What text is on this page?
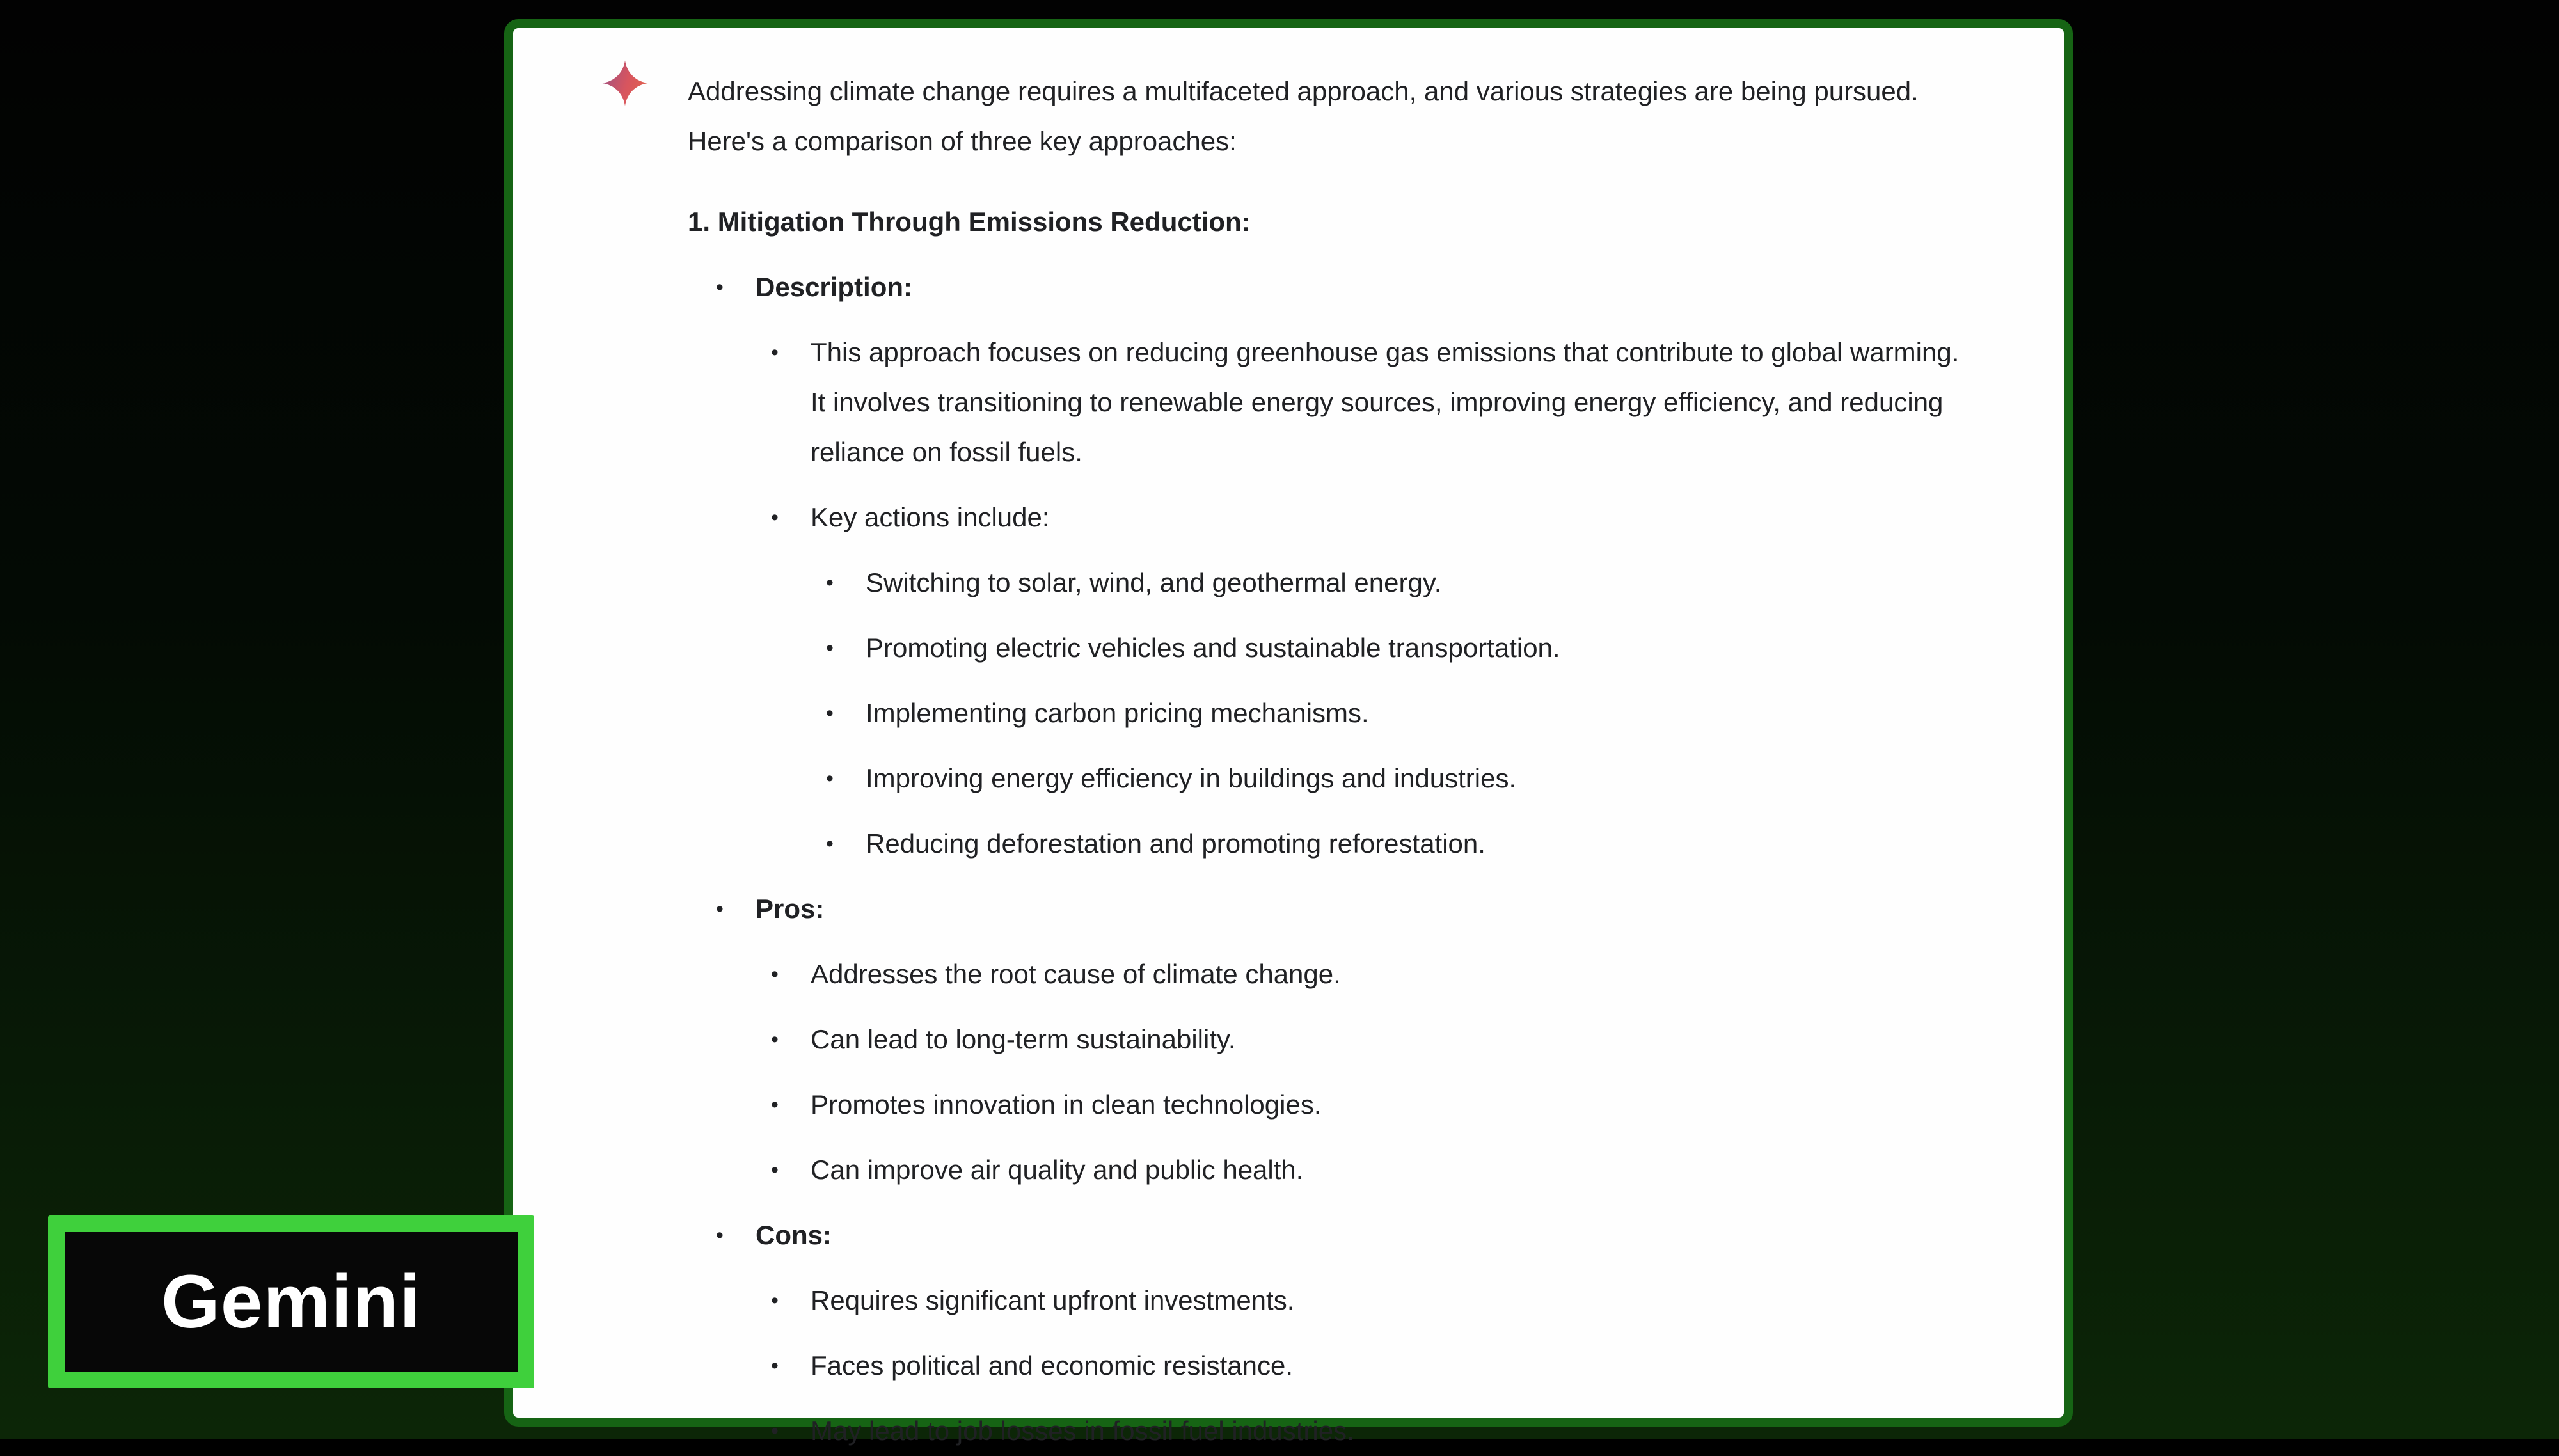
Addressing climate change requires a multifaceted approach, and various strategies are being pursued. Here's a comparison of three key approaches:

1. Mitigation Through Emissions Reduction:
• Description:
• This approach focuses on reducing greenhouse gas emissions that contribute to global warming. It involves transitioning to renewable energy sources, improving energy efficiency, and reducing reliance on fossil fuels.
• Key actions include:
• Switching to solar, wind, and geothermal energy.
• Promoting electric vehicles and sustainable transportation.
• Implementing carbon pricing mechanisms.
• Improving energy efficiency in buildings and industries.
• Reducing deforestation and promoting reforestation.
• Pros:
• Addresses the root cause of climate change.
• Can lead to long-term sustainability.
• Promotes innovation in clean technologies.
• Can improve air quality and public health.
• Cons:
• Requires significant upfront investments.
• Faces political and economic resistance.
• May lead to job losses in fossil fuel industries.
Gemini
